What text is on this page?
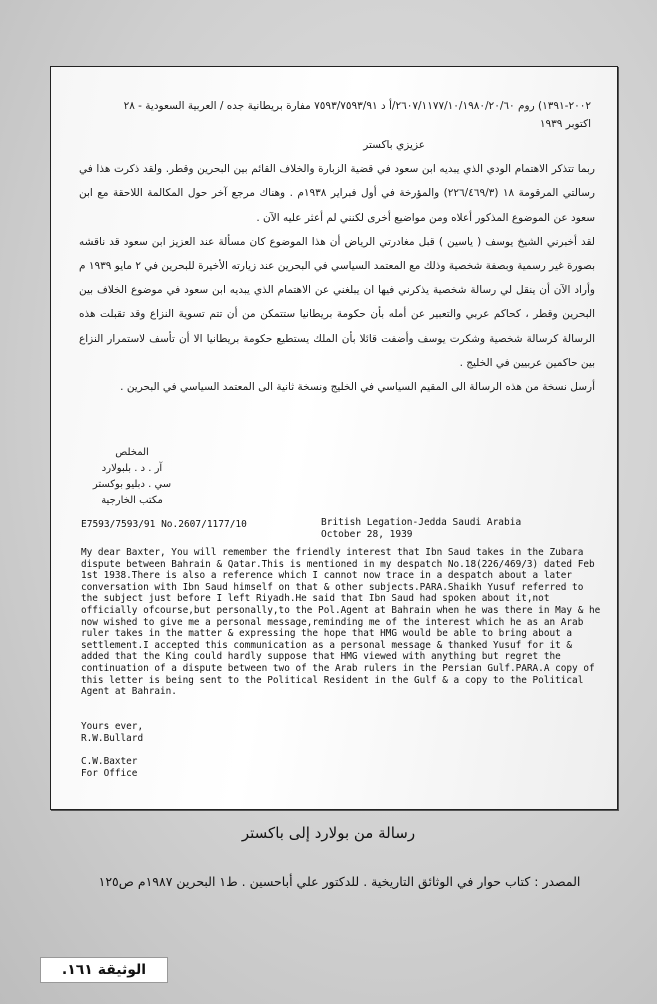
٢٠٠٢-١٣٩١) روم ٢٦٠٧/١١٧٧/١٠/١٩٨٠/٢٠/٦٠/أ د ٧٥٩٣/٧٥٩٣/٩١ مفارة بريطانية جده / العربية السعودية - ٢٨ اكتوبر ١٩٣٩

عزيزي باكستر

ربما تتذكر الاهتمام الودي الذي يبديه ابن سعود في قضية الزبارة والخلاف القائم بين البحرين وقطر. ولقد ذكرت هذا في رسالتي المرقومة ١٨ (٢٢٦/٤٦٩/٣) والمؤرخة في أول فبراير ١٩٣٨م . وهناك مرجع آخر حول المكالمة اللاحقة مع ابن سعود عن الموضوع المذكور أعلاه ومن مواضيع أخرى لكنني لم أعثر عليه الآن .

لقد أخبرني الشيخ يوسف ( ياسين ) قبل مغادرتي الرياض أن هذا الموضوع كان مسألة عند العزيز ابن سعود قد ناقشه بصورة غير رسمية وبصفة شخصية وذلك مع المعتمد السياسي في البحرين عند زيارته الأخيرة للبحرين في ٢ مايو ١٩٣٩ م وأراد الآن أن ينقل لي رسالة شخصية يذكرني فيها ان يبلغني عن الاهتمام الذي يبديه ابن سعود في موضوع الخلاف بين البحرين وقطر ، كحاكم عربي والتعبير عن أمله بأن حكومة بريطانيا ستتمكن من أن تتم تسوية النزاع وقد تقبلت هذه الرسالة كرسالة شخصية وشكرت يوسف وأضفت قائلا بأن الملك يستطيع حكومة بريطانيا الا أن تأسف لاستمرار النزاع بين حاكمين عربيين في الخليج .

أرسل نسخة من هذه الرسالة الى المقيم السياسي في الخليج ونسخة ثانية الى المعتمد السياسي في البحرين .

المخلص
آر . د . بلبولارد
سي . دبليو بوكستر
مكتب الخارجية
E7593/7593/91 No.2607/1177/10	British Legation-Jedda Saudi Arabia
October 28, 1939

My dear Baxter, You will remember the friendly interest that Ibn Saud takes in the Zubara dispute between Bahrain & Qatar.This is mentioned in my despatch No.18(226/469/3) dated Feb 1st 1938.There is also a reference which I cannot now trace in a despatch about a later conversation with Ibn Saud himself on that & other subjects.PARA.Shaikh Yusuf referred to the subject just before I left Riyadh.He said that Ibn Saud had spoken about it,not officially ofcourse,but personally,to the Pol.Agent at Bahrain when he was there in May & he now wished to give me a personal message,reminding me of the interest which he as an Arab ruler takes in the matter & expressing the hope that HMG would be able to bring about a settlement.I accepted this communication as a personal message & thanked Yusuf for it & added that the King could hardly suppose that HMG viewed with anything but regret the continuation of a dispute between two of the Arab rulers in the Persian Gulf.PARA.A copy of this letter is being sent to the Political Resident in the Gulf & a copy to the Political Agent at Bahrain.

Yours ever,

R.W.Bullard

C.W.Baxter

For Office

رسالة من بولارد إلى باكستر
المصدر : كتاب حوار في الوثائق التاريخية . للدكتور علي أباحسين . ط١ البحرين ١٩٨٧م ص١٢٥
الوثيقة ١٦١.
